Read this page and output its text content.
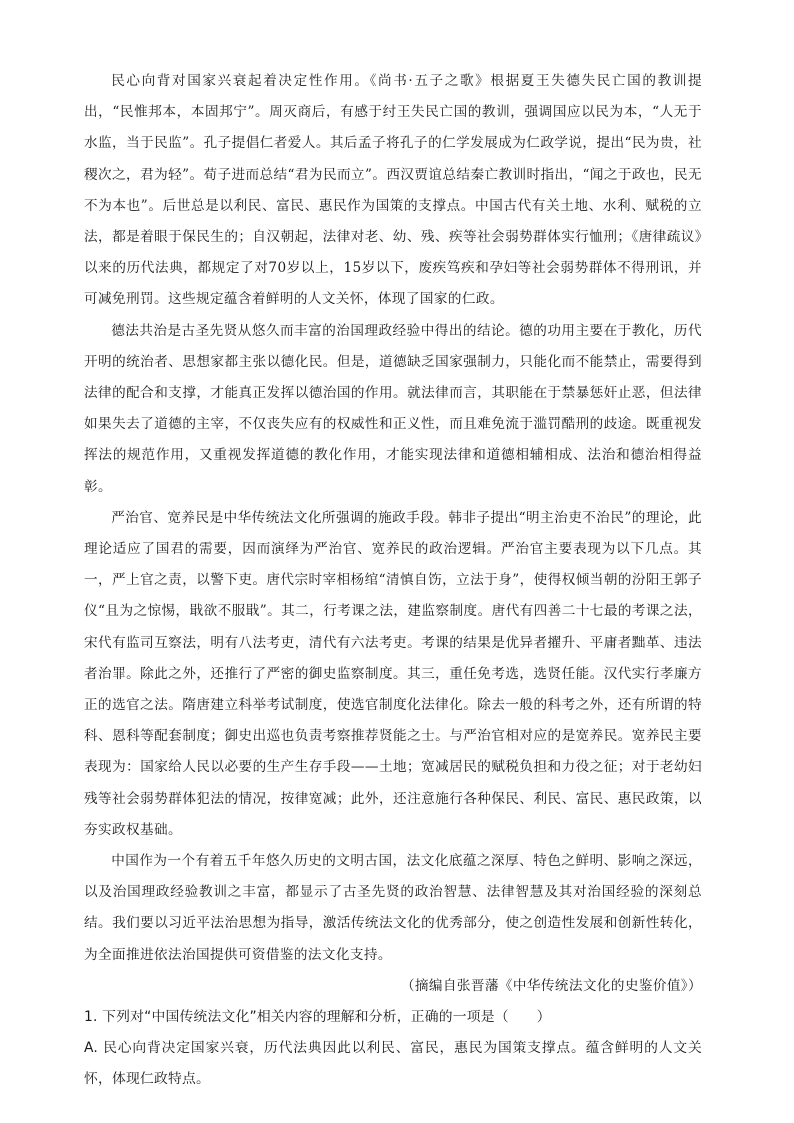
民心向背对国家兴衰起着决定性作用。《尚书·五子之歌》根据夏王失德失民亡国的教训提出，“民惟邦本，本固邦宁”。周灭商后，有感于纣王失民亡国的教训，强调国应以民为本，“人无于水监，当于民监”。孔子提倡仁者爱人。其后孟子将孔子的仁学发展成为仁政学说，提出“民为贵，社稷次之，君为轻”。荀子进而总结“君为民而立”。西汉贾谊总结秦亡教训时指出，“闻之于政也，民无不为本也”。后世总是以利民、富民、惠民作为国策的支撑点。中国古代有关土地、水利、赋税的立法，都是着眼于保民生的；自汉朝起，法律对老、幼、残、疾等社会弱势群体实行恤刑；《唐律疏议》以来的历代法典，都规定了对70岁以上，15岁以下，废疾笃疾和孕妇等社会弱势群体不得刑讯，并可减免刑罚。这些规定蕴含着鲜明的人文关怀，体现了国家的仁政。

德法共治是古圣先贤从悠久而丰富的治国理政经验中得出的结论。德的功用主要在于教化，历代开明的统治者、思想家都主张以德化民。但是，道德缺乏国家强制力，只能化而不能禁止，需要得到法律的配合和支撑，才能真正发挥以德治国的作用。就法律而言，其职能在于禁暴惩奸止恶，但法律如果失去了道德的主宰，不仅丧失应有的权威性和正义性，而且难免流于滥罚酷刑的歧途。既重视发挥法的规范作用，又重视发挥道德的教化作用，才能实现法律和道德相辅相成、法治和德治相得益彰。

严治官、宽养民是中华传统法文化所强调的施政手段。韩非子提出“明主治吏不治民”的理论，此理论适应了国君的需要，因而演绎为严治官、宽养民的政治逻辑。严治官主要表现为以下几点。其一，严上官之责，以警下吏。唐代宗时宰相杨绾“清慎自饬，立法于身”，使得权倾当朝的汾阳王郭子仪“且为之惊惕，戢欲不服戢”。其二，行考课之法，建监察制度。唐代有四善二十七最的考课之法，宋代有监司互察法，明有八法考吏，清代有六法考吏。考课的结果是优异者擢升、平庸者黜革、违法者治罪。除此之外，还推行了严密的御史监察制度。其三，重任免考选，选贤任能。汉代实行孝廉方正的选官之法。隋唐建立科举考试制度，使选官制度化法律化。除去一般的科考之外，还有所谓的特科、恩科等配套制度；御史出巡也负责考察推荐贤能之士。与严治官相对应的是宽养民。宽养民主要表现为：国家给人民以必要的生产生存手段——土地；宽减居民的赋税负担和力役之征；对于老幼妇残等社会弱势群体犯法的情况，按律宽减；此外，还注意施行各种保民、利民、富民、惠民政策，以夯实政权基础。

中国作为一个有着五千年悠久历史的文明古国，法文化底蕴之深厚、特色之鲜明、影响之深远，以及治国理政经验教训之丰富，都显示了古圣先贤的政治智慧、法律智慧及其对治国经验的深刻总结。我们要以习近平法治思想为指导，激活传统法文化的优秀部分，使之创造性发展和创新性转化，为全面推进依法治国提供可资借鉴的法文化支持。

（摘编自张晋藩《中华传统法文化的史鉴价值》）

1. 下列对“中国传统法文化”相关内容的理解和分析，正确的一项是（　　）

A. 民心向背决定国家兴衰，历代法典因此以利民、富民，惠民为国策支撑点。蕴含鲜明的人文关怀，体现仁政特点。
